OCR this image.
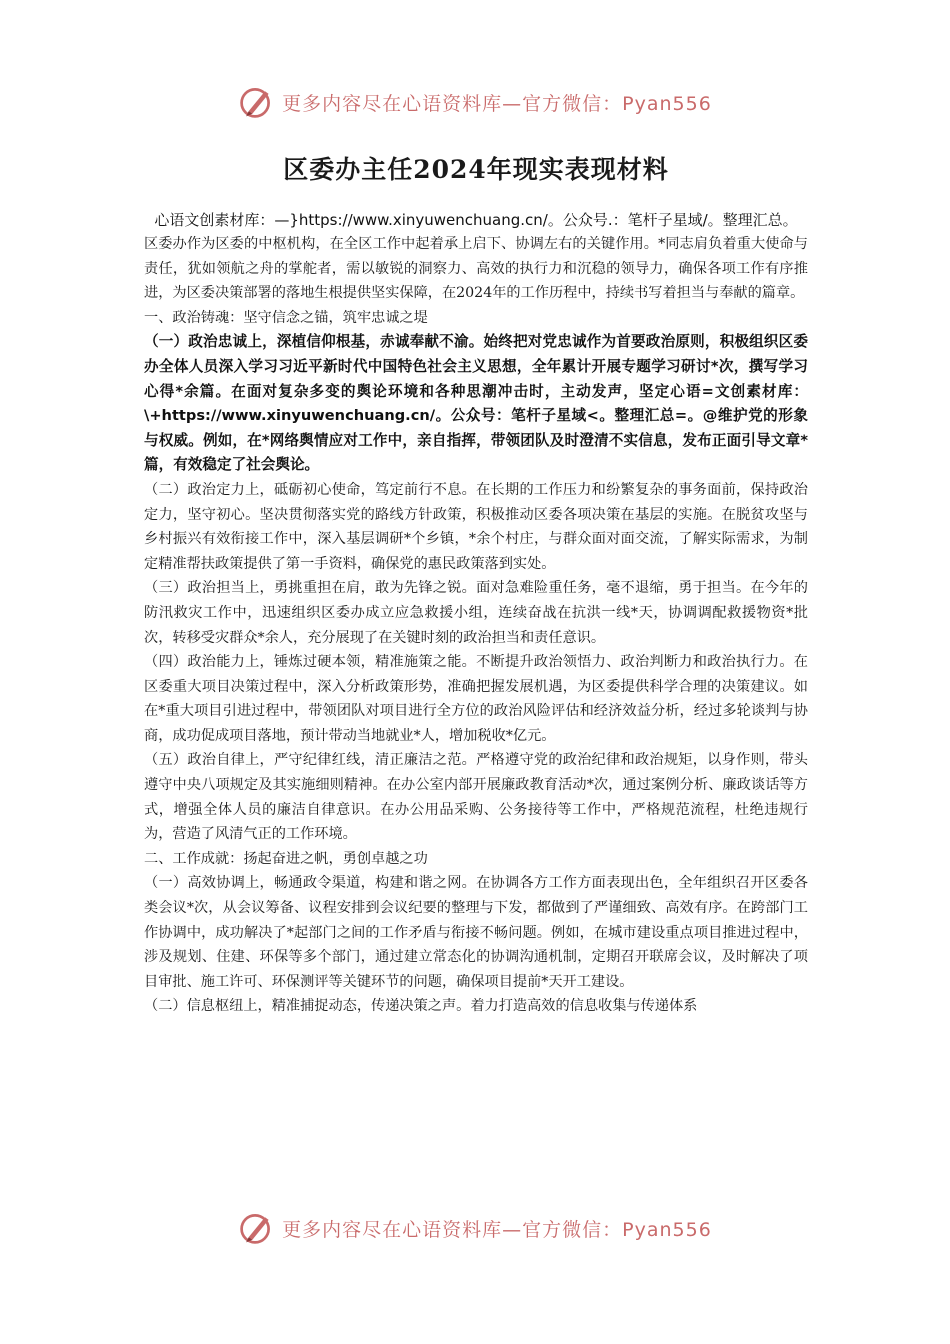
更多内容尽在心语资料库—官方微信：Pyan556
区委办主任2024年现实表现材料

心语文创素材库：—}https://www.xinyuwenchuang.cn/。公众号.：笔杆子星域/。整理汇总。

区委办作为区委的中枢机构，在全区工作中起着承上启下、协调左右的关键作用。*同志肩负着重大使命与责任，犹如领航之舟的掌舵者，需以敏锐的洞察力、高效的执行力和沉稳的领导力，确保各项工作有序推进，为区委决策部署的落地生根提供坚实保障，在2024年的工作历程中，持续书写着担当与奉献的篇章。

一、政治铸魂：坚守信念之锚，筑牢忠诚之堤

（一）政治忠诚上，深植信仰根基，赤诚奉献不渝。始终把对党忠诚作为首要政治原则，积极组织区委办全体人员深入学习习近平新时代中国特色社会主义思想，全年累计开展专题学习研讨*次，撰写学习心得*余篇。在面对复杂多变的舆论环境和各种思潮冲击时，主动发声，坚定心语=文创素材库：\+https://www.xinyuwenchuang.cn/。公众号：笔杆子星域<。整理汇总=。@维护党的形象与权威。例如，在*网络舆情应对工作中，亲自指挥，带领团队及时澄清不实信息，发布正面引导文章*篇，有效稳定了社会舆论。

（二）政治定力上，砥砺初心使命，笃定前行不息。在长期的工作压力和纷繁复杂的事务面前，保持政治定力，坚守初心。坚决贯彻落实党的路线方针政策，积极推动区委各项决策在基层的实施。在脱贫攻坚与乡村振兴有效衔接工作中，深入基层调研*个乡镇，*余个村庄，与群众面对面交流，了解实际需求，为制定精准帮扶政策提供了第一手资料，确保党的惠民政策落到实处。

（三）政治担当上，勇挑重担在肩，敢为先锋之锐。面对急难险重任务，毫不退缩，勇于担当。在今年的防汛救灾工作中，迅速组织区委办成立应急救援小组，连续奋战在抗洪一线*天，协调调配救援物资*批次，转移受灾群众*余人，充分展现了在关键时刻的政治担当和责任意识。

（四）政治能力上，锤炼过硬本领，精准施策之能。不断提升政治领悟力、政治判断力和政治执行力。在区委重大项目决策过程中，深入分析政策形势，准确把握发展机遇，为区委提供科学合理的决策建议。如在*重大项目引进过程中，带领团队对项目进行全方位的政治风险评估和经济效益分析，经过多轮谈判与协商，成功促成项目落地，预计带动当地就业*人，增加税收*亿元。

（五）政治自律上，严守纪律红线，清正廉洁之范。严格遵守党的政治纪律和政治规矩，以身作则，带头遵守中央八项规定及其实施细则精神。在办公室内部开展廉政教育活动*次，通过案例分析、廉政谈话等方式，增强全体人员的廉洁自律意识。在办公用品采购、公务接待等工作中，严格规范流程，杜绝违规行为，营造了风清气正的工作环境。

二、工作成就：扬起奋进之帆，勇创卓越之功

（一）高效协调上，畅通政令渠道，构建和谐之网。在协调各方工作方面表现出色，全年组织召开区委各类会议*次，从会议筹备、议程安排到会议纪要的整理与下发，都做到了严谨细致、高效有序。在跨部门工作协调中，成功解决了*起部门之间的工作矛盾与衔接不畅问题。例如，在城市建设重点项目推进过程中，涉及规划、住建、环保等多个部门，通过建立常态化的协调沟通机制，定期召开联席会议，及时解决了项目审批、施工许可、环保测评等关键环节的问题，确保项目提前*天开工建设。

（二）信息枢纽上，精准捕捉动态，传递决策之声。着力打造高效的信息收集与传递体系

更多内容尽在心语资料库—官方微信：Pyan556
